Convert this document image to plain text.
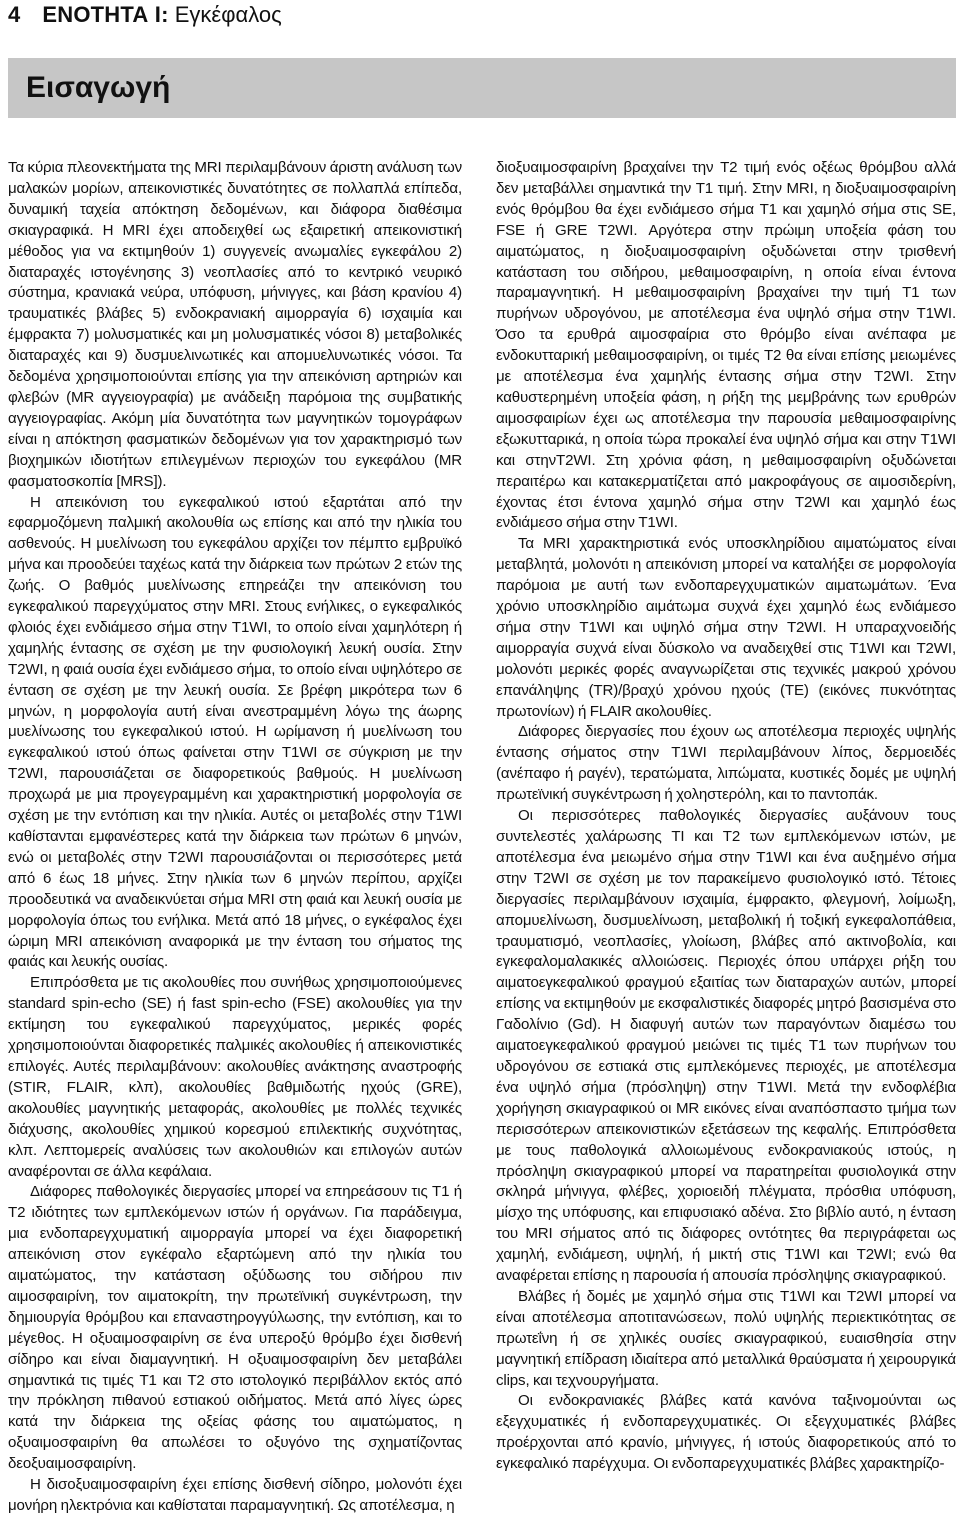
4 ΕΝΟΤΗΤΑ Ι: Εγκέφαλος
Εισαγωγή

Τα κύρια πλεονεκτήματα της MRI περιλαμβάνουν άριστη ανάλυση των μαλακών μορίων, απεικονιστικές δυνατότητες σε πολλαπλά επίπεδα, δυναμική ταχεία απόκτηση δεδομένων, και διάφορα διαθέσιμα σκιαγραφικά. Η MRI έχει αποδειχθεί ως εξαιρετική απεικονιστική μέθοδος για να εκτιμηθούν 1) συγγενείς ανωμαλίες εγκεφάλου 2) διαταραχές ιστογένησης 3) νεοπλασίες από το κεντρικό νευρικό σύστημα, κρανιακά νεύρα, υπόφυση, μήνιγγες, και βάση κρανίου 4) τραυματικές βλάβες 5) ενδοκρανιακή αιμορραγία 6) ισχαιμία και έμφρακτα 7) μολυσματικές και μη μολυσματικές νόσοι 8) μεταβολικές διαταραχές και 9) δυσμυελινωτικές και απομυελυνωτικές νόσοι. Τα δεδομένα χρησιμοποιούνται επίσης για την απεικόνιση αρτηριών και φλεβών (MR αγγειογραφία) με ανάδειξη παρόμοια της συμβατικής αγγειογραφίας. Ακόμη μία δυνατότητα των μαγνητικών τομογράφων είναι η απόκτηση φασματικών δεδομένων για τον χαρακτηρισμό των βιοχημικών ιδιοτήτων επιλεγμένων περιοχών του εγκεφάλου (MR φασματοσκοπία [MRS]).

Η απεικόνιση του εγκεφαλικού ιστού εξαρτάται από την εφαρμοζόμενη παλμική ακολουθία ως επίσης και από την ηλικία του ασθενούς. Η μυελίνωση του εγκεφάλου αρχίζει τον πέμπτο εμβρυϊκό μήνα και προοδεύει ταχέως κατά την διάρκεια των πρώτων 2 ετών της ζωής. Ο βαθμός μυελίνωσης επηρεάζει την απεικόνιση του εγκεφαλικού παρεγχύματος στην MRI. Στους ενήλικες, ο εγκεφαλικός φλοιός έχει ενδιάμεσο σήμα στην T1WI, το οποίο είναι χαμηλότερη ή χαμηλής έντασης σε σχέση με την φυσιολογική λευκή ουσία. Στην T2WI, η φαιά ουσία έχει ενδιάμεσο σήμα, το οποίο είναι υψηλότερο σε ένταση σε σχέση με την λευκή ουσία. Σε βρέφη μικρότερα των 6 μηνών, η μορφολογία αυτή είναι ανεστραμμένη λόγω της άωρης μυελίνωσης του εγκεφαλικού ιστού. Η ωρίμανση ή μυελίνωση του εγκεφαλικού ιστού όπως φαίνεται στην T1WI σε σύγκριση με την T2WI, παρουσιάζεται σε διαφορετικούς βαθμούς. Η μυελίνωση προχωρά με μια προγεγραμμένη και χαρακτηριστική μορφολογία σε σχέση με την εντόπιση και την ηλικία. Αυτές οι μεταβολές στην T1WI καθίστανται εμφανέστερες κατά την διάρκεια των πρώτων 6 μηνών, ενώ οι μεταβολές στην T2WI παρουσιάζονται οι περισσότερες μετά από 6 έως 18 μήνες. Στην ηλικία των 6 μηνών περίπου, αρχίζει προοδευτικά να αναδεικνύεται σήμα MRI στη φαιά και λευκή ουσία με μορφολογία όπως του ενήλικα. Μετά από 18 μήνες, ο εγκέφαλος έχει ώριμη MRI απεικόνιση αναφορικά με την ένταση του σήματος της φαιάς και λευκής ουσίας.

Επιπρόσθετα με τις ακολουθίες που συνήθως χρησιμοποιούμενες standard spin-echo (SE) ή fast spin-echo (FSE) ακολουθίες για την εκτίμηση του εγκεφαλικού παρεγχύματος, μερικές φορές χρησιμοποιούνται διαφορετικές παλμικές ακολουθίες ή απεικονιστικές επιλογές. Αυτές περιλαμβάνουν: ακολουθίες ανάκτησης αναστροφής (STIR, FLAIR, κλπ), ακολουθίες βαθμιδωτής ηχούς (GRE), ακολουθίες μαγνητικής μεταφοράς, ακολουθίες με πολλές τεχνικές διάχυσης, ακολουθίες χημικού κορεσμού επιλεκτικής συχνότητας, κλπ. Λεπτομερείς αναλύσεις των ακολουθιών και επιλογών αυτών αναφέρονται σε άλλα κεφάλαια.

Διάφορες παθολογικές διεργασίες μπορεί να επηρεάσουν τις T1 ή T2 ιδιότητες των εμπλεκόμενων ιστών ή οργάνων. Για παράδειγμα, μια ενδοπαρεγχυματική αιμορραγία μπορεί να έχει διαφορετική απεικόνιση στον εγκέφαλο εξαρτώμενη από την ηλικία του αιματώματος, την κατάσταση οξύδωσης του σιδήρου πιν αιμοσφαιρίνη, τον αιματοκρίτη, την πρωτεϊνική συγκέντρωση, την δημιουργία θρόμβου και επαναστηρογγύλωσης, την εντόπιση, και το μέγεθος. Η οξυαιμοσφαιρίνη σε ένα υπεροξύ θρόμβο έχει δισθενή σίδηρο και είναι διαμαγνητική. Η οξυαιμοσφαιρίνη δεν μεταβάλει σημαντικά τις τιμές T1 και T2 στο ιστολογικό περιβάλλον εκτός από την πρόκληση πιθανού εστιακού οιδήματος. Μετά από λίγες ώρες κατά την διάρκεια της οξείας φάσης του αιματώματος, η οξυαιμοσφαιρίνη θα απωλέσει το οξυγόνο της σχηματίζοντας δεοξυαιμοσφαιρίνη.

Η δισοξυαιμοσφαιρίνη έχει επίσης δισθενή σίδηρο, μολονότι έχει μονήρη ηλεκτρόνια και καθίσταται παραμαγνητική. Ως αποτέλεσμα, η

διοξυαιμοσφαιρίνη βραχαίνει την T2 τιμή ενός οξέως θρόμβου αλλά δεν μεταβάλλει σημαντικά την T1 τιμή. Στην MRI, η διοξυαιμοσφαιρίνη ενός θρόμβου θα έχει ενδιάμεσο σήμα T1 και χαμηλό σήμα στις SE, FSE ή GRE T2WI. Αργότερα στην πρώιμη υποξεία φάση του αιματώματος, η διοξυαιμοσφαιρίνη οξυδώνεται στην τρισθενή κατάσταση του σιδήρου, μεθαιμοσφαιρίνη, η οποία είναι έντονα παραμαγνητική. Η μεθαιμοσφαιρίνη βραχαίνει την τιμή T1 των πυρήνων υδρογόνου, με αποτέλεσμα ένα υψηλό σήμα στην T1WI. Όσο τα ερυθρά αιμοσφαίρια στο θρόμβο είναι ανέπαφα με ενδοκυτταρική μεθαιμοσφαιρίνη, οι τιμές T2 θα είναι επίσης μειωμένες με αποτέλεσμα ένα χαμηλής έντασης σήμα στην T2WI. Στην καθυστερημένη υποξεία φάση, η ρήξη της μεμβράνης των ερυθρών αιμοσφαιρίων έχει ως αποτέλεσμα την παρουσία μεθαιμοσφαιρίνης εξωκυτταρικά, η οποία τώρα προκαλεί ένα υψηλό σήμα και στην T1WI και στηνT2WI. Στη χρόνια φάση, η μεθαιμοσφαιρίνη οξυδώνεται περαιτέρω και κατακερματίζεται από μακροφάγους σε αιμοσιδερίνη, έχοντας έτσι έντονα χαμηλό σήμα στην T2WI και χαμηλό έως ενδιάμεσο σήμα στην T1WI.

Τα MRI χαρακτηριστικά ενός υποσκληρίδιου αιματώματος είναι μεταβλητά, μολονότι η απεικόνιση μπορεί να καταλήξει σε μορφολογία παρόμοια με αυτή των ενδοπαρεγχυματικών αιματωμάτων. Ένα χρόνιο υποσκληρίδιο αιμάτωμα συχνά έχει χαμηλό έως ενδιάμεσο σήμα στην T1WI και υψηλό σήμα στην T2WI. Η υπαραχνοειδής αιμορραγία συχνά είναι δύσκολο να αναδειχθεί στις T1WI και T2WI, μολονότι μερικές φορές αναγνωρίζεται στις τεχνικές μακρού χρόνου επανάληψης (TR)/βραχύ χρόνου ηχούς (TE) (εικόνες πυκνότητας πρωτονίων) ή FLAIR ακολουθίες.

Διάφορες διεργασίες που έχουν ως αποτέλεσμα περιοχές υψηλής έντασης σήματος στην T1WI περιλαμβάνουν λίπος, δερμοειδές (ανέπαφο ή ραγέν), τερατώματα, λιπώματα, κυστικές δομές με υψηλή πρωτεϊνική συγκέντρωση ή χοληστερόλη, και το παντοπάκ.

Οι περισσότερες παθολογικές διεργασίες αυξάνουν τους συντελεστές χαλάρωσης TI και T2 των εμπλεκόμενων ιστών, με αποτέλεσμα ένα μειωμένο σήμα στην T1WI και ένα αυξημένο σήμα στην T2WI σε σχέση με τον παρακείμενο φυσιολογικό ιστό. Τέτοιες διεργασίες περιλαμβάνουν ισχαιμία, έμφρακτο, φλεγμονή, λοίμωξη, απομυελίνωση, δυσμυελίνωση, μεταβολική ή τοξική εγκεφαλοπάθεια, τραυματισμό, νεοπλασίες, γλοίωση, βλάβες από ακτινοβολία, και εγκεφαλομαλακικές αλλοιώσεις. Περιοχές όπου υπάρχει ρήξη του αιματοεγκεφαλικού φραγμού εξαιτίας των διαταραχών αυτών, μπορεί επίσης να εκτιμηθούν με εκσφαλιστικές διαφορές μητρό βασισμένα στο Γαδολίνιο (Gd). Η διαφυγή αυτών των παραγόντων διαμέσω του αιματοεγκεφαλικού φραγμού μειώνει τις τιμές T1 των πυρήνων του υδρογόνου σε εστιακά στις εμπλεκόμενες περιοχές, με αποτέλεσμα ένα υψηλό σήμα (πρόσληψη) στην T1WI. Μετά την ενδοφλέβια χορήγηση σκιαγραφικού οι MR εικόνες είναι αναπόσπαστο τμήμα των περισσότερων απεικονιστικών εξετάσεων της κεφαλής. Επιπρόσθετα με τους παθολογικά αλλοιωμένους ενδοκρανιακούς ιστούς, η πρόσληψη σκιαγραφικού μπορεί να παρατηρείται φυσιολογικά στην σκληρά μήνιγγα, φλέβες, χοριοειδή πλέγματα, πρόσθια υπόφυση, μίσχο της υπόφυσης, και επιφυσιακό αδένα. Στο βιβλίο αυτό, η ένταση του MRI σήματος από τις διάφορες οντότητες θα περιγράφεται ως χαμηλή, ενδιάμεση, υψηλή, ή μικτή στις T1WI και T2WI; ενώ θα αναφέρεται επίσης η παρουσία ή απουσία πρόσληψης σκιαγραφικού.

Βλάβες ή δομές με χαμηλό σήμα στις T1WI και T2WI μπορεί να είναι αποτέλεσμα αποτιτανώσεων, πολύ υψηλής περιεκτικότητας σε πρωτεΐνη ή σε χηλικές ουσίες σκιαγραφικού, ευαισθησία στην μαγνητική επίδραση ιδιαίτερα από μεταλλικά θραύσματα ή χειρουργικά clips, και τεχνουργήματα.

Οι ενδοκρανιακές βλάβες κατά κανόνα ταξινομούνται ως εξεγχυματικές ή ενδοπαρεγχυματικές. Οι εξεγχυματικές βλάβες προέρχονται από κρανίο, μήνιγγες, ή ιστούς διαφορετικούς από το εγκεφαλικό παρέγχυμα. Οι ενδοπαρεγχυματικές βλάβες χαρακτηρίζο-
